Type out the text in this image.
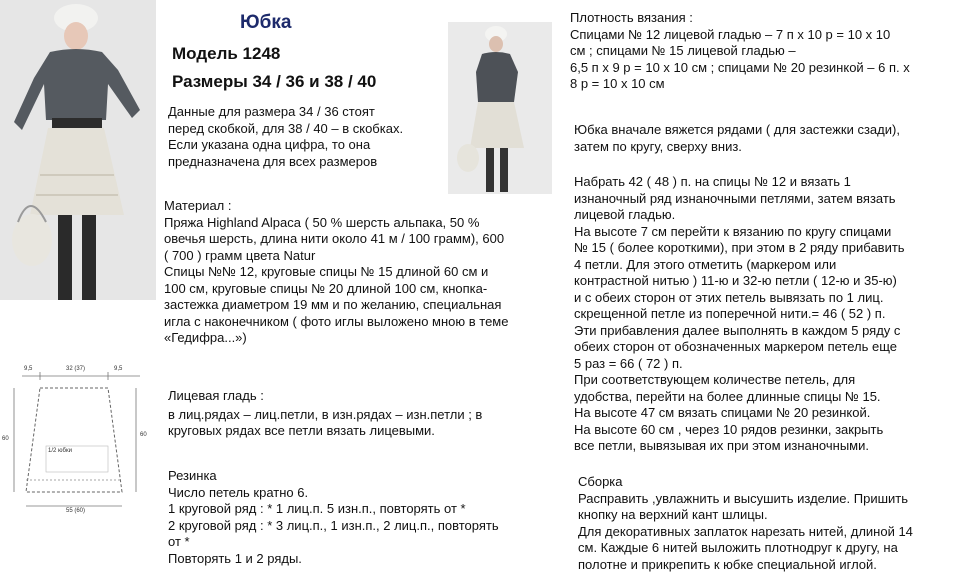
Юбка
Модель 1248
Размеры 34 / 36 и 38 / 40
Данные для размера 34 / 36 стоят
перед скобкой, для 38 / 40 – в скобках.
Если указана одна цифра, то она
предназначена для всех размеров
Материал :
Пряжа Highland Alpaca ( 50 % шерсть альпака, 50 %
овечья шерсть, длина нити около 41 м / 100 грамм), 600
( 700 ) грамм цвета Natur
Спицы №№ 12, круговые спицы № 15 длиной 60 см и
100 см, круговые спицы № 20 длиной 100 см, кнопка-
застежка диаметром 19 мм и по желанию, специальная
игла с наконечником ( фото иглы выложено мною в теме
«Гедифра...»)
Лицевая гладь :
в лиц.рядах – лиц.петли, в изн.рядах – изн.петли ; в
круговых рядах все петли вязать лицевыми.
Резинка
Число петель кратно 6.
1 круговой ряд : * 1 лиц.п. 5 изн.п., повторять от *
2 круговой ряд : * 3 лиц.п., 1 изн.п., 2 лиц.п., повторять
от *
Повторять 1 и 2 ряды.
9,5	32 (37)	9,5
60
60
1/2 юбки
55 (60)
Плотность вязания :
Спицами № 12 лицевой гладью – 7 п х 10 р = 10 х 10
см ; спицами № 15 лицевой гладью –
6,5 п х 9 р = 10 х 10 см ; спицами № 20 резинкой – 6 п. х
8 р = 10 х 10 см
Юбка вначале вяжется рядами ( для застежки сзади),
затем по кругу, сверху вниз.
Набрать 42 ( 48 ) п. на спицы № 12 и вязать 1
изнаночный ряд изнаночными петлями, затем вязать
лицевой гладью.
На высоте 7 см перейти к вязанию по кругу спицами
№ 15 ( более короткими), при этом в 2 ряду прибавить
4 петли. Для этого отметить (маркером или
контрастной нитью ) 11-ю и 32-ю петли ( 12-ю и 35-ю)
и с обеих сторон от этих петель вывязать по 1 лиц.
скрещенной петле из поперечной нити.= 46 ( 52 ) п.
Эти прибавления далее выполнять в каждом 5 ряду с
обеих сторон от обозначенных маркером петель еще
5 раз = 66 ( 72 ) п.
При соответствующем количестве петель, для
удобства, перейти на более длинные спицы № 15.
На высоте 47 см вязать спицами № 20 резинкой.
На высоте 60 см , через 10 рядов резинки, закрыть
все петли, вывязывая их при этом изнаночными.
Сборка
Расправить ,увлажнить и высушить изделие. Пришить
кнопку на верхний кант шлицы.
Для декоративных заплаток нарезать нитей, длиной 14
см. Каждые 6 нитей выложить плотнодруг к другу, на
полотне и прикрепить к юбке специальной иглой.
